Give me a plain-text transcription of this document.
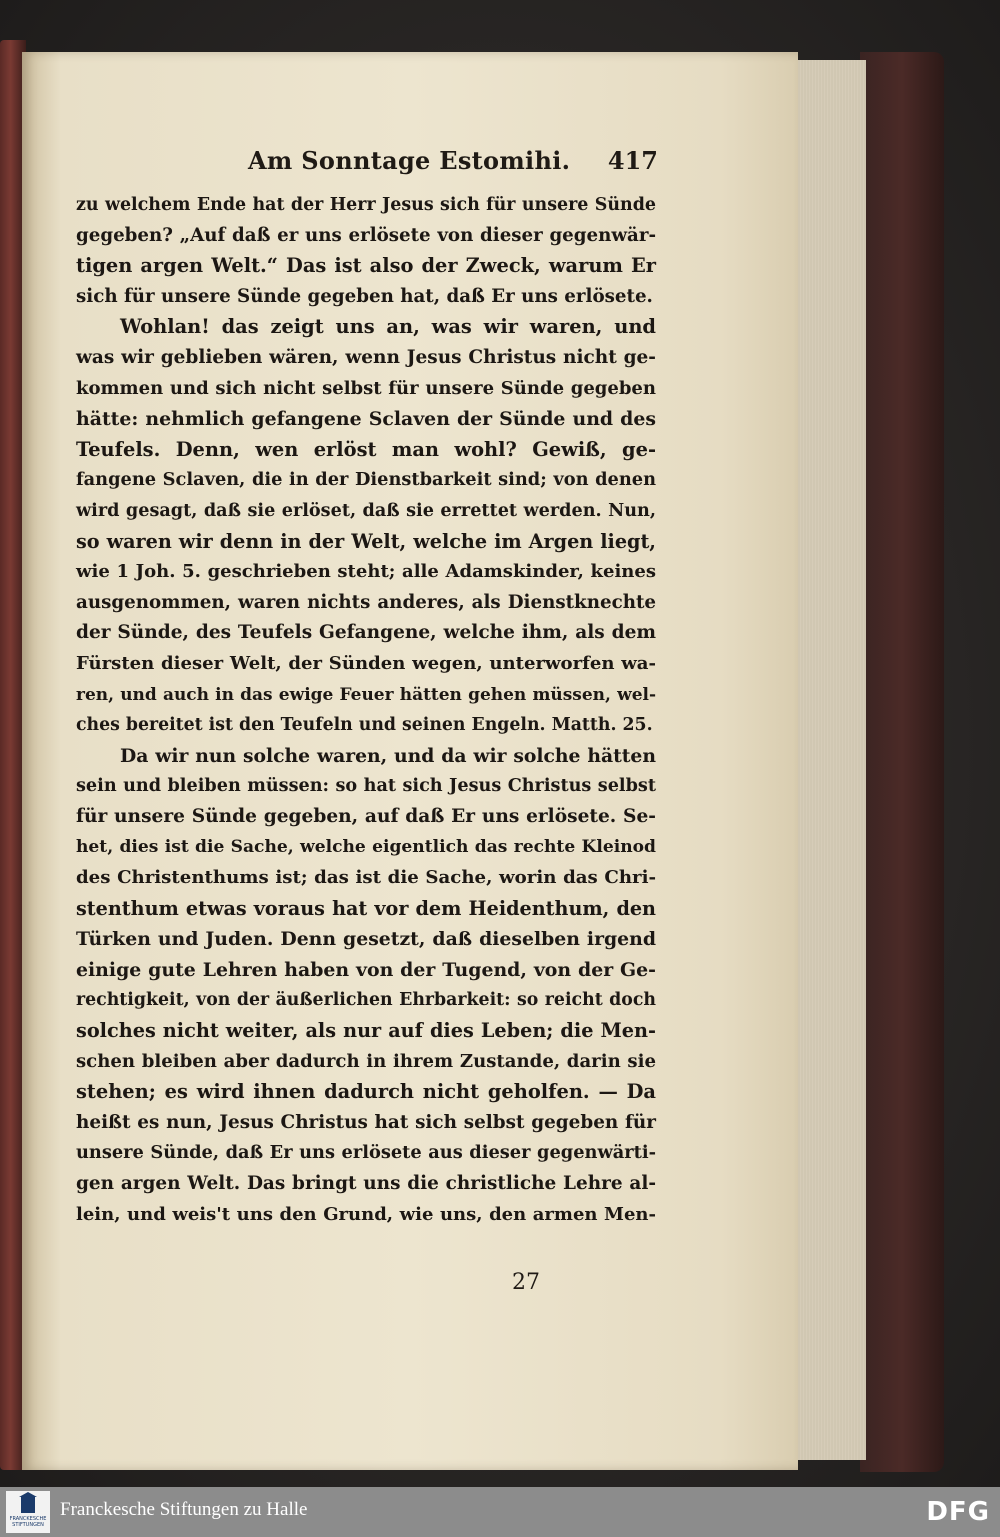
Am Sonntage Estomihi. 417
zu welchem Ende hat der Herr Jesus sich für unsere Sünde
gegeben? „Auf daß er uns erlösete von dieser gegenwär-
tigen argen Welt.“ Das ist also der Zweck, warum Er
sich für unsere Sünde gegeben hat, daß Er uns erlösete.
Wohlan! das zeigt uns an, was wir waren, und
was wir geblieben wären, wenn Jesus Christus nicht ge-
kommen und sich nicht selbst für unsere Sünde gegeben
hätte: nehmlich gefangene Sclaven der Sünde und des
Teufels. Denn, wen erlöst man wohl? Gewiß, ge-
fangene Sclaven, die in der Dienstbarkeit sind; von denen
wird gesagt, daß sie erlöset, daß sie errettet werden. Nun,
so waren wir denn in der Welt, welche im Argen liegt,
wie 1 Joh. 5. geschrieben steht; alle Adamskinder, keines
ausgenommen, waren nichts anderes, als Dienstknechte
der Sünde, des Teufels Gefangene, welche ihm, als dem
Fürsten dieser Welt, der Sünden wegen, unterworfen wa-
ren, und auch in das ewige Feuer hätten gehen müssen, wel-
ches bereitet ist den Teufeln und seinen Engeln. Matth. 25.
Da wir nun solche waren, und da wir solche hätten
sein und bleiben müssen: so hat sich Jesus Christus selbst
für unsere Sünde gegeben, auf daß Er uns erlösete. Se-
het, dies ist die Sache, welche eigentlich das rechte Kleinod
des Christenthums ist; das ist die Sache, worin das Chri-
stenthum etwas voraus hat vor dem Heidenthum, den
Türken und Juden. Denn gesetzt, daß dieselben irgend
einige gute Lehren haben von der Tugend, von der Ge-
rechtigkeit, von der äußerlichen Ehrbarkeit: so reicht doch
solches nicht weiter, als nur auf dies Leben; die Men-
schen bleiben aber dadurch in ihrem Zustande, darin sie
stehen; es wird ihnen dadurch nicht geholfen. — Da
heißt es nun, Jesus Christus hat sich selbst gegeben für
unsere Sünde, daß Er uns erlösete aus dieser gegenwärti-
gen argen Welt. Das bringt uns die christliche Lehre al-
lein, und weis't uns den Grund, wie uns, den armen Men-
27
FRANCKESCHE STIFTUNGEN
Franckesche Stiftungen zu Halle	DFG
